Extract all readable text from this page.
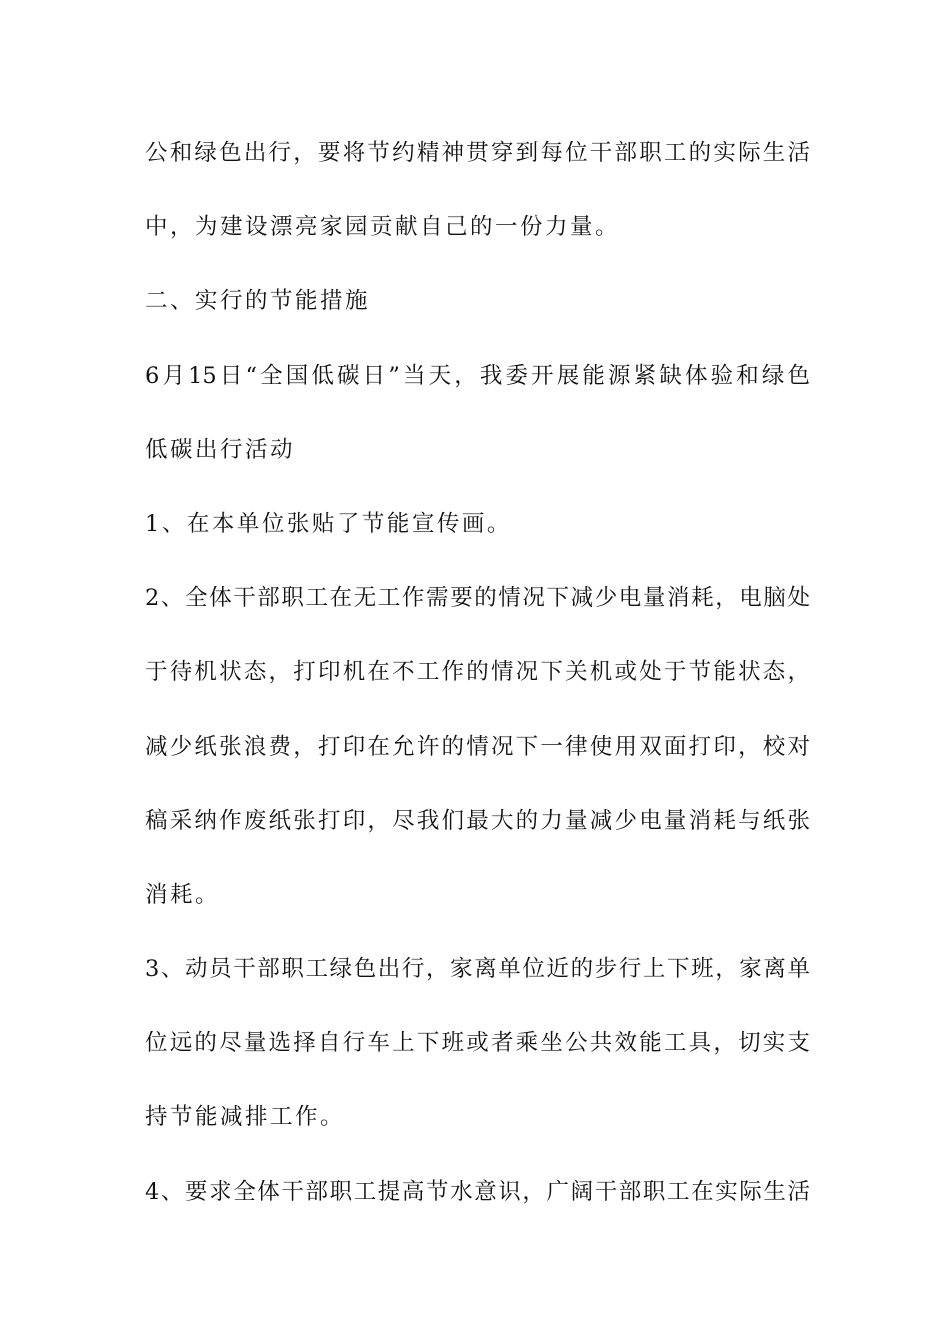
公和绿色出行，要将节约精神贯穿到每位干部职工的实际生活
中，为建设漂亮家园贡献自己的一份力量。
二、实行的节能措施
6月15日“全国低碳日”当天，我委开展能源紧缺体验和绿色
低碳出行活动
1、在本单位张贴了节能宣传画。
2、全体干部职工在无工作需要的情况下减少电量消耗，电脑处
于待机状态，打印机在不工作的情况下关机或处于节能状态，
减少纸张浪费，打印在允许的情况下一律使用双面打印，校对
稿采纳作废纸张打印，尽我们最大的力量减少电量消耗与纸张
消耗。
3、动员干部职工绿色出行，家离单位近的步行上下班，家离单
位远的尽量选择自行车上下班或者乘坐公共效能工具，切实支
持节能减排工作。
4、要求全体干部职工提高节水意识，广阔干部职工在实际生活
